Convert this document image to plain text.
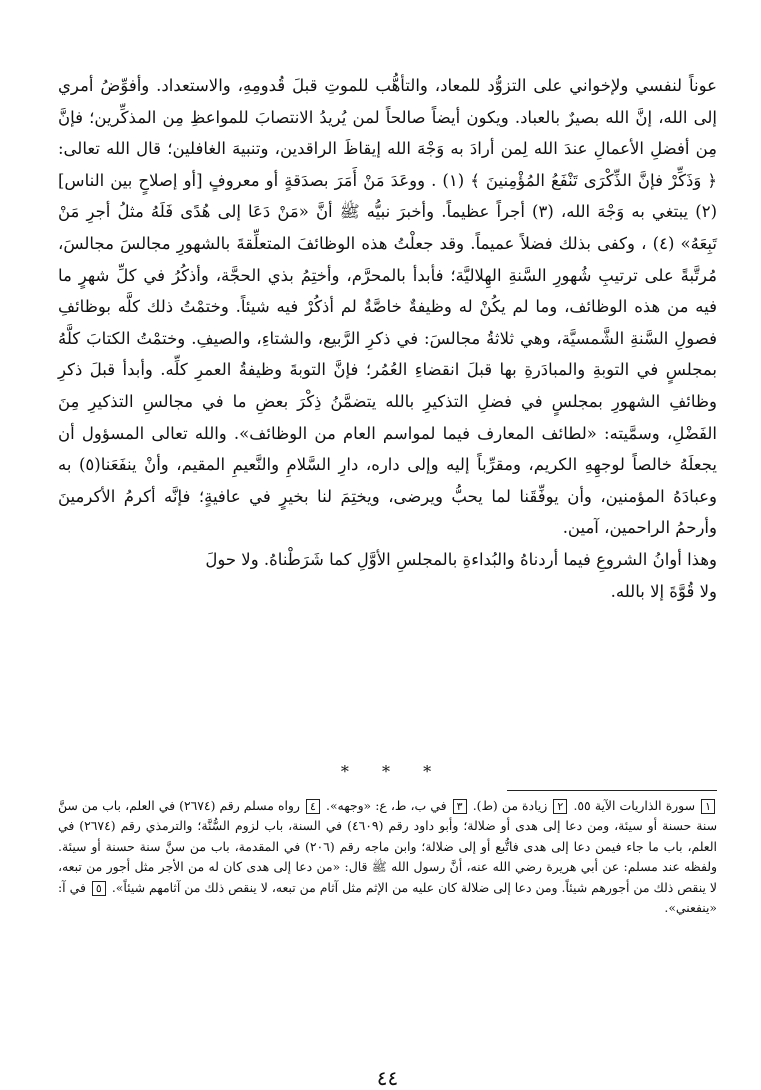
عوناً لنفسي ولإخواني على التزوُّد للمعاد، والتأهُّب للموتِ قبلَ قُدومِهِ، والاستعداد. وأفوِّضُ أمري إلى الله، إنَّ الله بصيرٌ بالعباد. ويكون أيضاً صالحاً لمن يُريدُ الانتصابَ للمواعظِ مِن المذكِّرين؛ فإنَّ مِن أفضلِ الأعمالِ عندَ الله لِمن أرادَ به وَجْهَ الله إيقاظَ الراقدين، وتنبيهَ الغافلين؛ قال الله تعالى: ﴿ وَذَكِّرْ فإنَّ الذِّكْرَى تَنْفَعُ المُؤْمِنينَ ﴾ (١) . ووعَدَ مَنْ أَمَرَ بصدَقةٍ أو معروفٍ [أو إصلاحٍ بين الناس] (٢) يبتغي به وَجْهَ الله، (٣) أجراً عظيماً. وأخبرَ نبيُّه ﷺ أنَّ «مَنْ دَعَا إلى هُدًى فَلَهُ مثلُ أجرِ مَنْ تَبِعَهُ» (٤) ، وكفى بذلك فضلاً عميماً. وقد جعلْتُ هذه الوظائفَ المتعلِّقةَ بالشهورِ مجالسَ مجالسَ، مُرتَّبةً على ترتيبِ شُهورِ السَّنةِ الهِلاليَّة؛ فأبدأ بالمحرَّم، وأختِمُ بذي الحجَّة، وأذكُرُ في كلِّ شهرٍ ما فيه من هذه الوظائف، وما لم يكُنْ له وظيفةٌ خاصَّةٌ لم أذكُرْ فيه شيئاً. وختمْتُ ذلك كلَّه بوظائفِ فصولِ السَّنةِ الشَّمسيَّة، وهي ثلاثةُ مجالسَ: في ذكرِ الرَّبيع، والشتاءِ، والصيفِ. وختمْتُ الكتابَ كلَّهُ بمجلسٍ في التوبةِ والمبادَرةِ بها قبلَ انقضاءِ العُمُر؛ فإنَّ التوبةَ وظيفةُ العمرِ كلِّه. وأبدأ قبلَ ذكرِ وظائفِ الشهورِ بمجلسٍ في فضلِ التذكيرِ بالله يتضمَّنُ ذِكْرَ بعضِ ما في مجالسِ التذكيرِ مِنَ الفَضْلِ، وسمَّيته: «لطائف المعارف فيما لمواسم العام من الوظائف». والله تعالى المسؤول أن يجعلَهُ خالصاً لوجهِهِ الكريم، ومقرِّباً إليه وإلى داره، دارِ السَّلامِ والنَّعيمِ المقيم، وأنْ ينفَعَنا(٥) به وعبادَهُ المؤمنين، وأن يوفِّقَنا لما يحبُّ ويرضى، ويختِمَ لنا بخيرٍ في عافيةٍ؛ فإنَّه أكرمُ الأكرمينَ وأرحمُ الراحمين، آمين.

وهذا أوانُ الشروعِ فيما أردناهُ والبُداءةِ بالمجلسِ الأوَّلِ كما شَرَطْناهُ. ولا حولَ

ولا قُوَّةَ إلا بالله.

* * *

١ سورة الذاريات الآية ٥٥. ٢ زيادة من (ط). ٣ في ب، ط، ع: «وجهه». ٤ رواه مسلم رقم (٢٦٧٤) في العلم، باب من سنَّ سنة حسنة أو سيئة، ومن دعا إلى هدى أو ضلالة؛ وأبو داود رقم (٤٦٠٩) في السنة، باب لزوم السُّنَّة؛ والترمذي رقم (٢٦٧٤) في العلم، باب ما جاء فيمن دعا إلى هدى فاتُّبع أو إلى ضلالة؛ وابن ماجه رقم (٢٠٦) في المقدمة، باب من سنَّ سنة حسنة أو سيئة. ولفظه عند مسلم: عن أبي هريرة رضي الله عنه، أنَّ رسول الله ﷺ قال: «من دعا إلى هدى كان له من الأجر مثل أجور من تبعه، لا ينقص ذلك من أجورهم شيئاً. ومن دعا إلى ضلالة كان عليه من الإثم مثل آثام من تبعه، لا ينقص ذلك من آثامهم شيئاً». ٥ في آ: «ينفعني».

٤٤
